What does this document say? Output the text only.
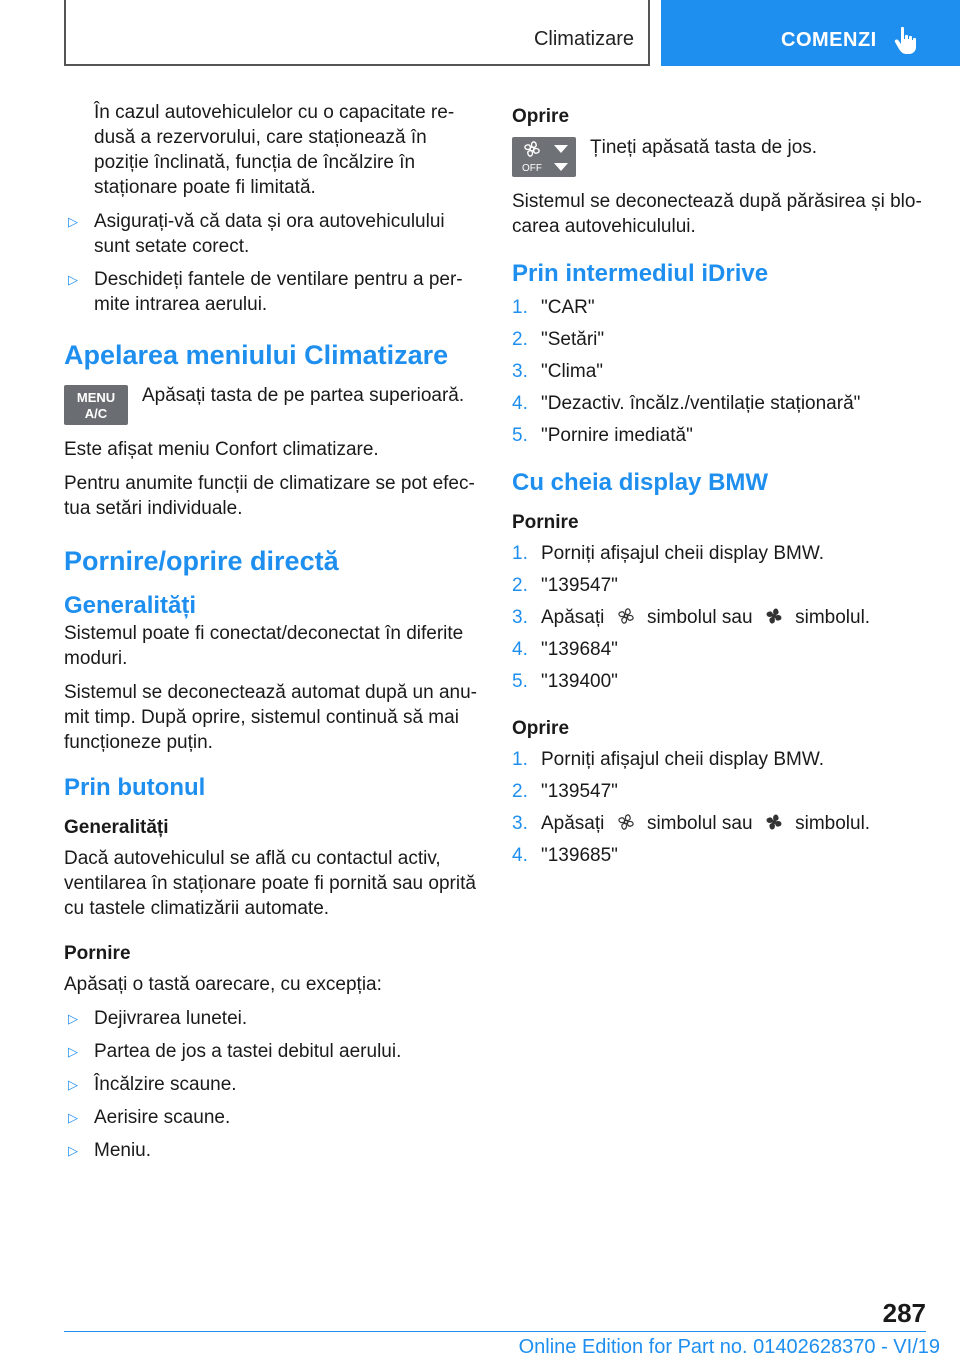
Climatizare	COMENZI

În cazul autovehiculelor cu o capacitate re-dusă a rezervorului, care staționează în poziție înclinată, funcția de încălzire în staționare poate fi limitată.

▷ Asigurați-vă că data și ora autovehiculului sunt setate corect.
▷ Deschideți fantele de ventilare pentru a per-mite intrarea aerului.
Apelarea meniului Climatizare
MENU
A/C

Apăsați tasta de pe partea superioară.

Este afișat meniu Confort climatizare.

Pentru anumite funcții de climatizare se pot efec-tua setări individuale.

Pornire/oprire directă
Generalități

Sistemul poate fi conectat/deconectat în diferite moduri.

Sistemul se deconectează automat după un anu-mit timp. După oprire, sistemul continuă să mai funcționeze puțin.

Prin butonul
Generalități

Dacă autovehiculul se află cu contactul activ, ventilarea în staționare poate fi pornită sau oprită cu tastele climatizării automate.

Pornire

Apăsați o tastă oarecare, cu excepția:

▷ Dejivrarea lunetei.
▷ Partea de jos a tastei debitul aerului.
▷ Încălzire scaune.
▷ Aerisire scaune.
▷ Meniu.
Oprire
OFF

Țineți apăsată tasta de jos.

Sistemul se deconectează după părăsirea și blo-carea autovehiculului.

Prin intermediul iDrive
1. "CAR"
2. "Setări"
3. "Clima"
4. "Dezactiv. încălz./ventilație staționară"
5. "Pornire imediată"
Cu cheia display BMW
Pornire
1. Porniți afișajul cheii display BMW.
2. "139547"
3. Apăsați simbolul sau simbolul.
4. "139684"
5. "139400"
Oprire
1. Porniți afișajul cheii display BMW.
2. "139547"
3. Apăsați simbolul sau simbolul.
4. "139685"
287
Online Edition for Part no. 01402628370 - VI/19
